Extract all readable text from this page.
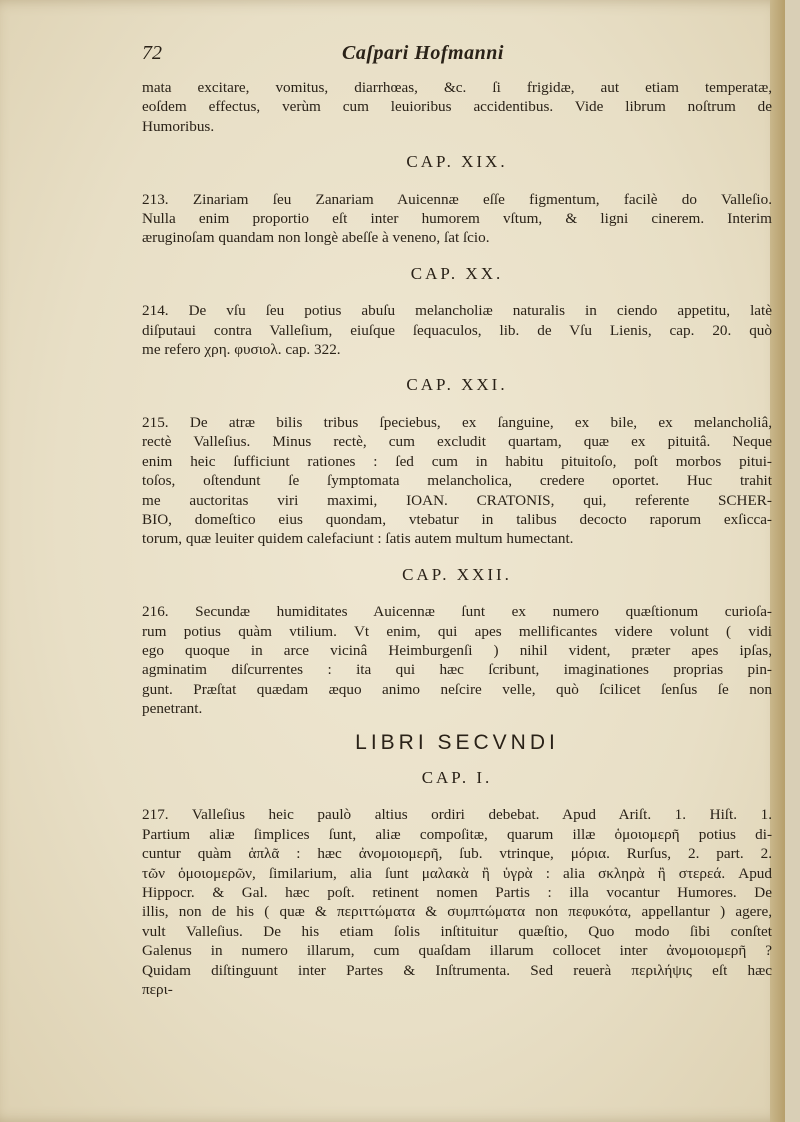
72	Caſpari Hofmanni
mata excitare, vomitus, diarrhœas, &c. ſi frigidæ, aut etiam temperatæ,
eoſdem effectus, verùm cum leuioribus accidentibus. Vide librum noſtrum de
Humoribus.
CAP. XIX.
213. Zinariam ſeu Zanariam Auicennæ eſſe figmentum, facilè do Valleſio.
Nulla enim proportio eſt inter humorem vſtum, & ligni cinerem. Interim
æruginoſam quandam non longè abeſſe à veneno, ſat ſcio.
CAP. XX.
214. De vſu ſeu potius abuſu melancholiæ naturalis in ciendo appetitu, latè
diſputaui contra Valleſium, eiuſque ſequaculos, lib. de Vſu Lienis, cap. 20. quò
me refero χρη. φυσιολ. cap. 322.
CAP. XXI.
215. De atræ bilis tribus ſpeciebus, ex ſanguine, ex bile, ex melancholiâ,
rectè Valleſius. Minus rectè, cum excludit quartam, quæ ex pituitâ. Neque
enim heic ſufficiunt rationes : ſed cum in habitu pituitoſo, poſt morbos pitui-
toſos, oſtendunt ſe ſymptomata melancholica, credere oportet. Huc trahit
me auctoritas viri maximi, IOAN. CRATONIS, qui, referente SCHER-
BIO, domeſtico eius quondam, vtebatur in talibus decocto raporum exſicca-
torum, quæ leuiter quidem calefaciunt : ſatis autem multum humectant.
CAP. XXII.
216. Secundæ humiditates Auicennæ ſunt ex numero quæſtionum curioſa-
rum potius quàm vtilium. Vt enim, qui apes mellificantes videre volunt ( vidi
ego quoque in arce vicinâ Heimburgenſi ) nihil vident, præter apes ipſas,
agminatim diſcurrentes : ita qui hæc ſcribunt, imaginationes proprias pin-
gunt. Præſtat quædam æquo animo neſcire velle, quò ſcilicet ſenſus ſe non
penetrant.
LIBRI SECVNDI
CAP. I.
217. Valleſius heic paulò altius ordiri debebat. Apud Ariſt. 1. Hiſt. 1.
Partium aliæ ſimplices ſunt, aliæ compoſitæ, quarum illæ ὁμοιομερῆ potius di-
cuntur quàm ἁπλᾶ : hæc ἀνομοιομερῆ, ſub. vtrinque, μόρια. Rurſus, 2. part. 2.
τῶν ὁμοιομερῶν, ſimilarium, alia ſunt μαλακὰ ἢ ὑγρὰ : alia σκληρὰ ἢ στερεά. Apud
Hippocr. & Gal. hæc poſt. retinent nomen Partis : illa vocantur Humores. De
illis, non de his ( quæ & περιττώματα & συμπτώματα non πεφυκότα, appellantur ) agere,
vult Valleſius. De his etiam ſolis inſtituitur quæſtio, Quo modo ſibi conſtet
Galenus in numero illarum, cum quaſdam illarum collocet inter ἀνομοιομερῆ ?
Quidam diſtinguunt inter Partes & Inſtrumenta. Sed reuerà περιλήψις eſt hæc
περι-
